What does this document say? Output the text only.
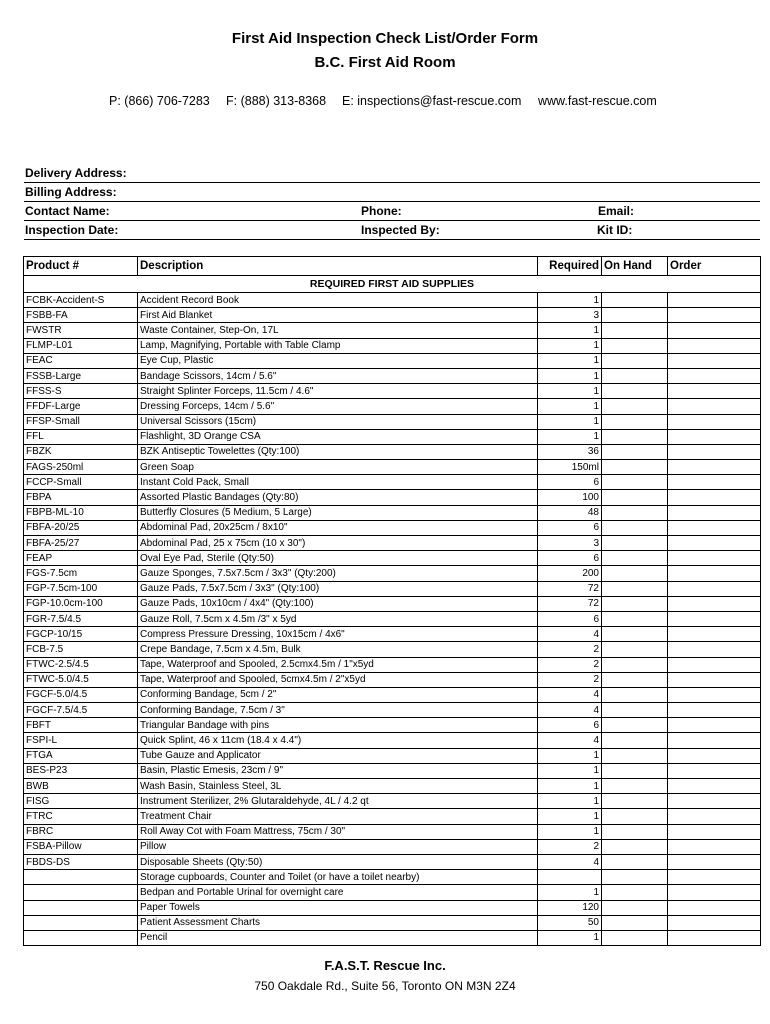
First Aid Inspection Check List/Order Form
B.C. First Aid Room
P: (866) 706-7283 F: (888) 313-8368 E: inspections@fast-rescue.com www.fast-rescue.com
Delivery Address:
Billing Address:
Contact Name:	Phone:	Email:
Inspection Date:	Inspected By:	Kit ID:
Product #	Description	Required	On Hand	Order
REQUIRED FIRST AID SUPPLIES				
FCBK-Accident-S	Accident Record Book	1		
FSBB-FA	First Aid Blanket	3		
FWSTR	Waste Container, Step-On, 17L	1		
FLMP-L01	Lamp, Magnifying, Portable with Table Clamp	1		
FEAC	Eye Cup, Plastic	1		
FSSB-Large	Bandage Scissors, 14cm / 5.6"	1		
FFSS-S	Straight Splinter Forceps, 11.5cm / 4.6"	1		
FFDF-Large	Dressing Forceps, 14cm / 5.6"	1		
FFSP-Small	Universal Scissors (15cm)	1		
FFL	Flashlight, 3D Orange CSA	1		
FBZK	BZK Antiseptic Towelettes (Qty:100)	36		
FAGS-250ml	Green Soap	150ml		
FCCP-Small	Instant Cold Pack, Small	6		
FBPA	Assorted Plastic Bandages (Qty:80)	100		
FBPB-ML-10	Butterfly Closures (5 Medium, 5 Large)	48		
FBFA-20/25	Abdominal Pad, 20x25cm / 8x10"	6		
FBFA-25/27	Abdominal Pad, 25 x 75cm (10 x 30")	3		
FEAP	Oval Eye Pad, Sterile (Qty:50)	6		
FGS-7.5cm	Gauze Sponges, 7.5x7.5cm / 3x3" (Qty:200)	200		
FGP-7.5cm-100	Gauze Pads, 7.5x7.5cm / 3x3" (Qty:100)	72		
FGP-10.0cm-100	Gauze Pads, 10x10cm / 4x4" (Qty:100)	72		
FGR-7.5/4.5	Gauze Roll, 7.5cm x 4.5m /3" x 5yd	6		
FGCP-10/15	Compress Pressure Dressing, 10x15cm / 4x6"	4		
FCB-7.5	Crepe Bandage, 7.5cm x 4.5m, Bulk	2		
FTWC-2.5/4.5	Tape, Waterproof and Spooled, 2.5cmx4.5m / 1"x5yd	2		
FTWC-5.0/4.5	Tape, Waterproof and Spooled, 5cmx4.5m / 2"x5yd	2		
FGCF-5.0/4.5	Conforming Bandage, 5cm / 2"	4		
FGCF-7.5/4.5	Conforming Bandage, 7.5cm / 3"	4		
FBFT	Triangular Bandage with pins	6		
FSPI-L	Quick Splint, 46 x 11cm (18.4 x 4.4")	4		
FTGA	Tube Gauze and Applicator	1		
BES-P23	Basin, Plastic Emesis, 23cm / 9"	1		
BWB	Wash Basin, Stainless Steel, 3L	1		
FISG	Instrument Sterilizer, 2% Glutaraldehyde, 4L / 4.2 qt	1		
FTRC	Treatment Chair	1		
FBRC	Roll Away Cot with Foam Mattress, 75cm / 30"	1		
FSBA-Pillow	Pillow	2		
FBDS-DS	Disposable Sheets (Qty:50)	4		
	Storage cupboards, Counter and Toilet (or have a toilet nearby)			
	Bedpan and Portable Urinal for overnight care	1		
	Paper Towels	120		
	Patient Assessment Charts	50		
	Pencil	1		
F.A.S.T. Rescue Inc.
750 Oakdale Rd., Suite 56, Toronto ON M3N 2Z4
